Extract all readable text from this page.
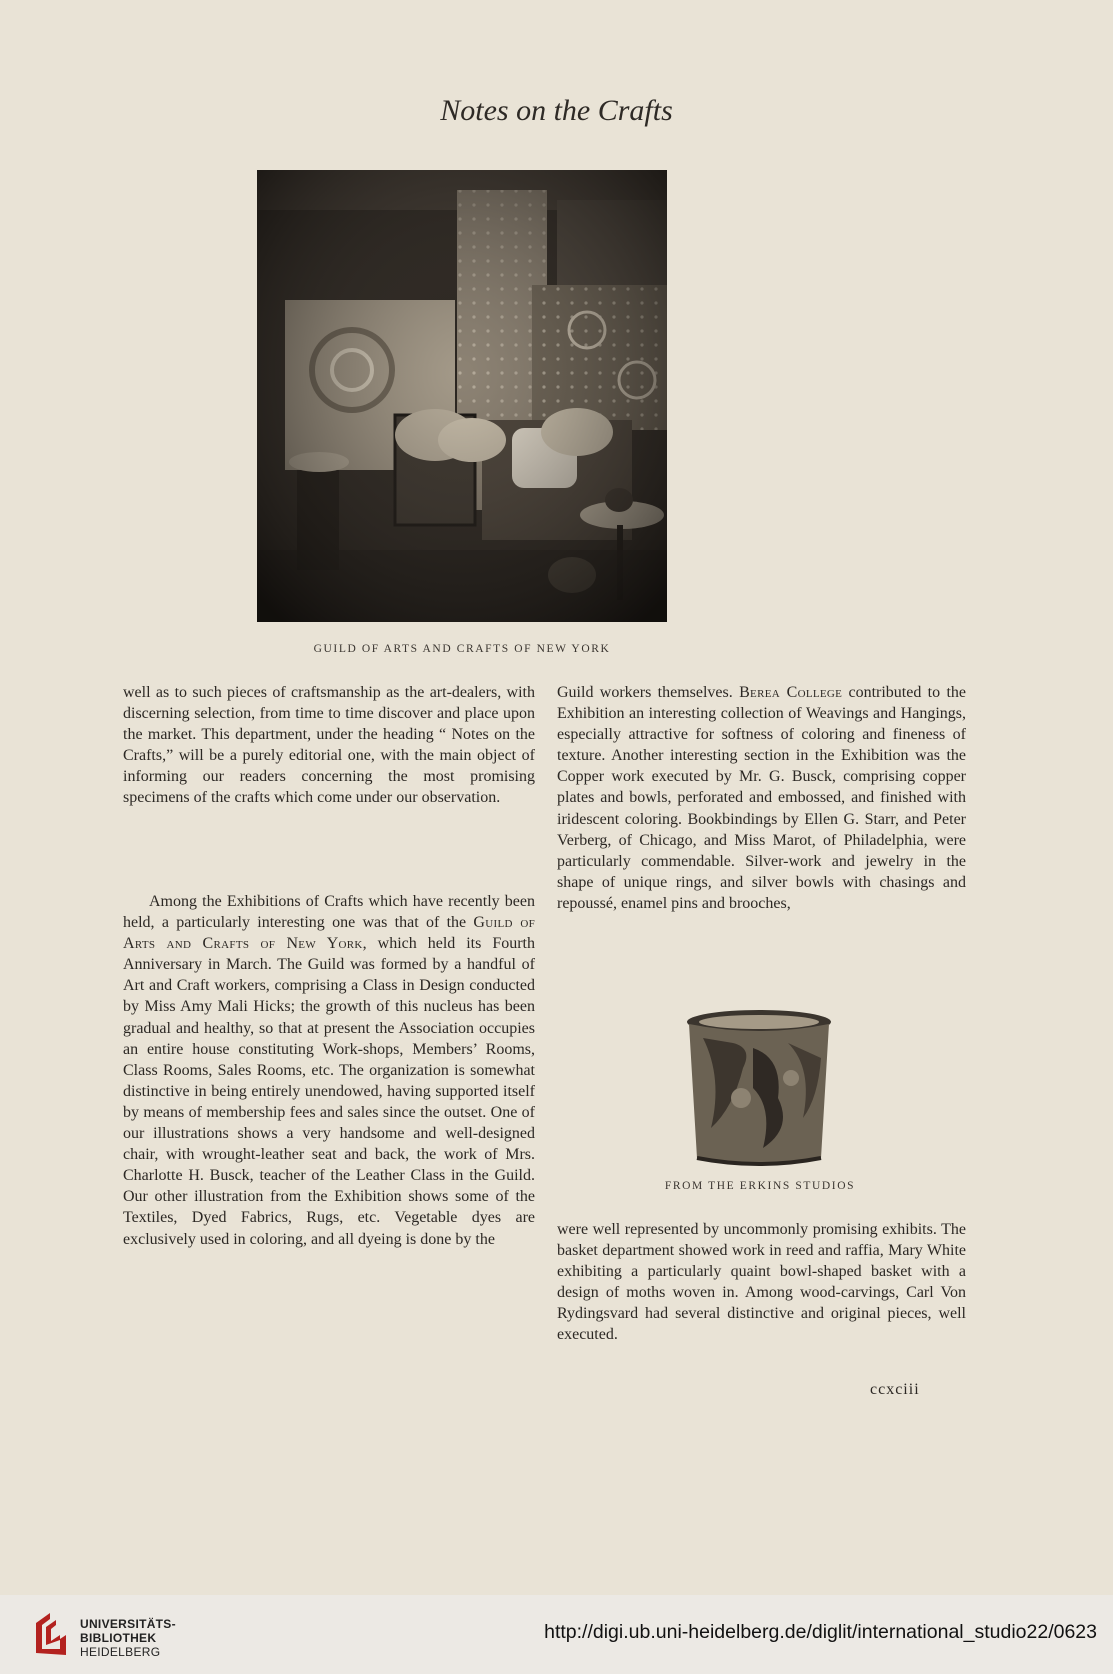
Notes on the Crafts
GUILD OF ARTS AND CRAFTS OF NEW YORK

well as to such pieces of craftsmanship as the art-dealers, with discerning selection, from time to time discover and place upon the market. This department, under the heading “ Notes on the Crafts,” will be a purely editorial one, with the main object of informing our readers concerning the most promising specimens of the crafts which come under our observation.

Among the Exhibitions of Crafts which have recently been held, a particularly interesting one was that of the Guild of Arts and Crafts of New York, which held its Fourth Anniversary in March. The Guild was formed by a handful of Art and Craft workers, comprising a Class in Design conducted by Miss Amy Mali Hicks; the growth of this nucleus has been gradual and healthy, so that at present the Association occupies an entire house constituting Work-shops, Members’ Rooms, Class Rooms, Sales Rooms, etc. The organization is somewhat distinctive in being entirely unendowed, having supported itself by means of membership fees and sales since the outset. One of our illustrations shows a very handsome and well-designed chair, with wrought-leather seat and back, the work of Mrs. Charlotte H. Busck, teacher of the Leather Class in the Guild. Our other illustration from the Exhibition shows some of the Textiles, Dyed Fabrics, Rugs, etc. Vegetable dyes are exclusively used in coloring, and all dyeing is done by the

Guild workers themselves. Berea College contributed to the Exhibition an interesting collection of Weavings and Hangings, especially attractive for softness of coloring and fineness of texture. Another interesting section in the Exhibition was the Copper work executed by Mr. G. Busck, comprising copper plates and bowls, perforated and embossed, and finished with iridescent coloring. Bookbindings by Ellen G. Starr, and Peter Verberg, of Chicago, and Miss Marot, of Philadelphia, were particularly commendable. Silver-work and jewelry in the shape of unique rings, and silver bowls with chasings and repoussé, enamel pins and brooches,

FROM THE ERKINS STUDIOS

were well represented by uncommonly promising exhibits. The basket department showed work in reed and raffia, Mary White exhibiting a particularly quaint bowl-shaped basket with a design of moths woven in. Among wood-carvings, Carl Von Rydingsvard had several distinctive and original pieces, well executed.

ccxciii
UNIVERSITÄTS-
BIBLIOTHEK
HEIDELBERG
http://digi.ub.uni-heidelberg.de/diglit/international_studio22/0623
